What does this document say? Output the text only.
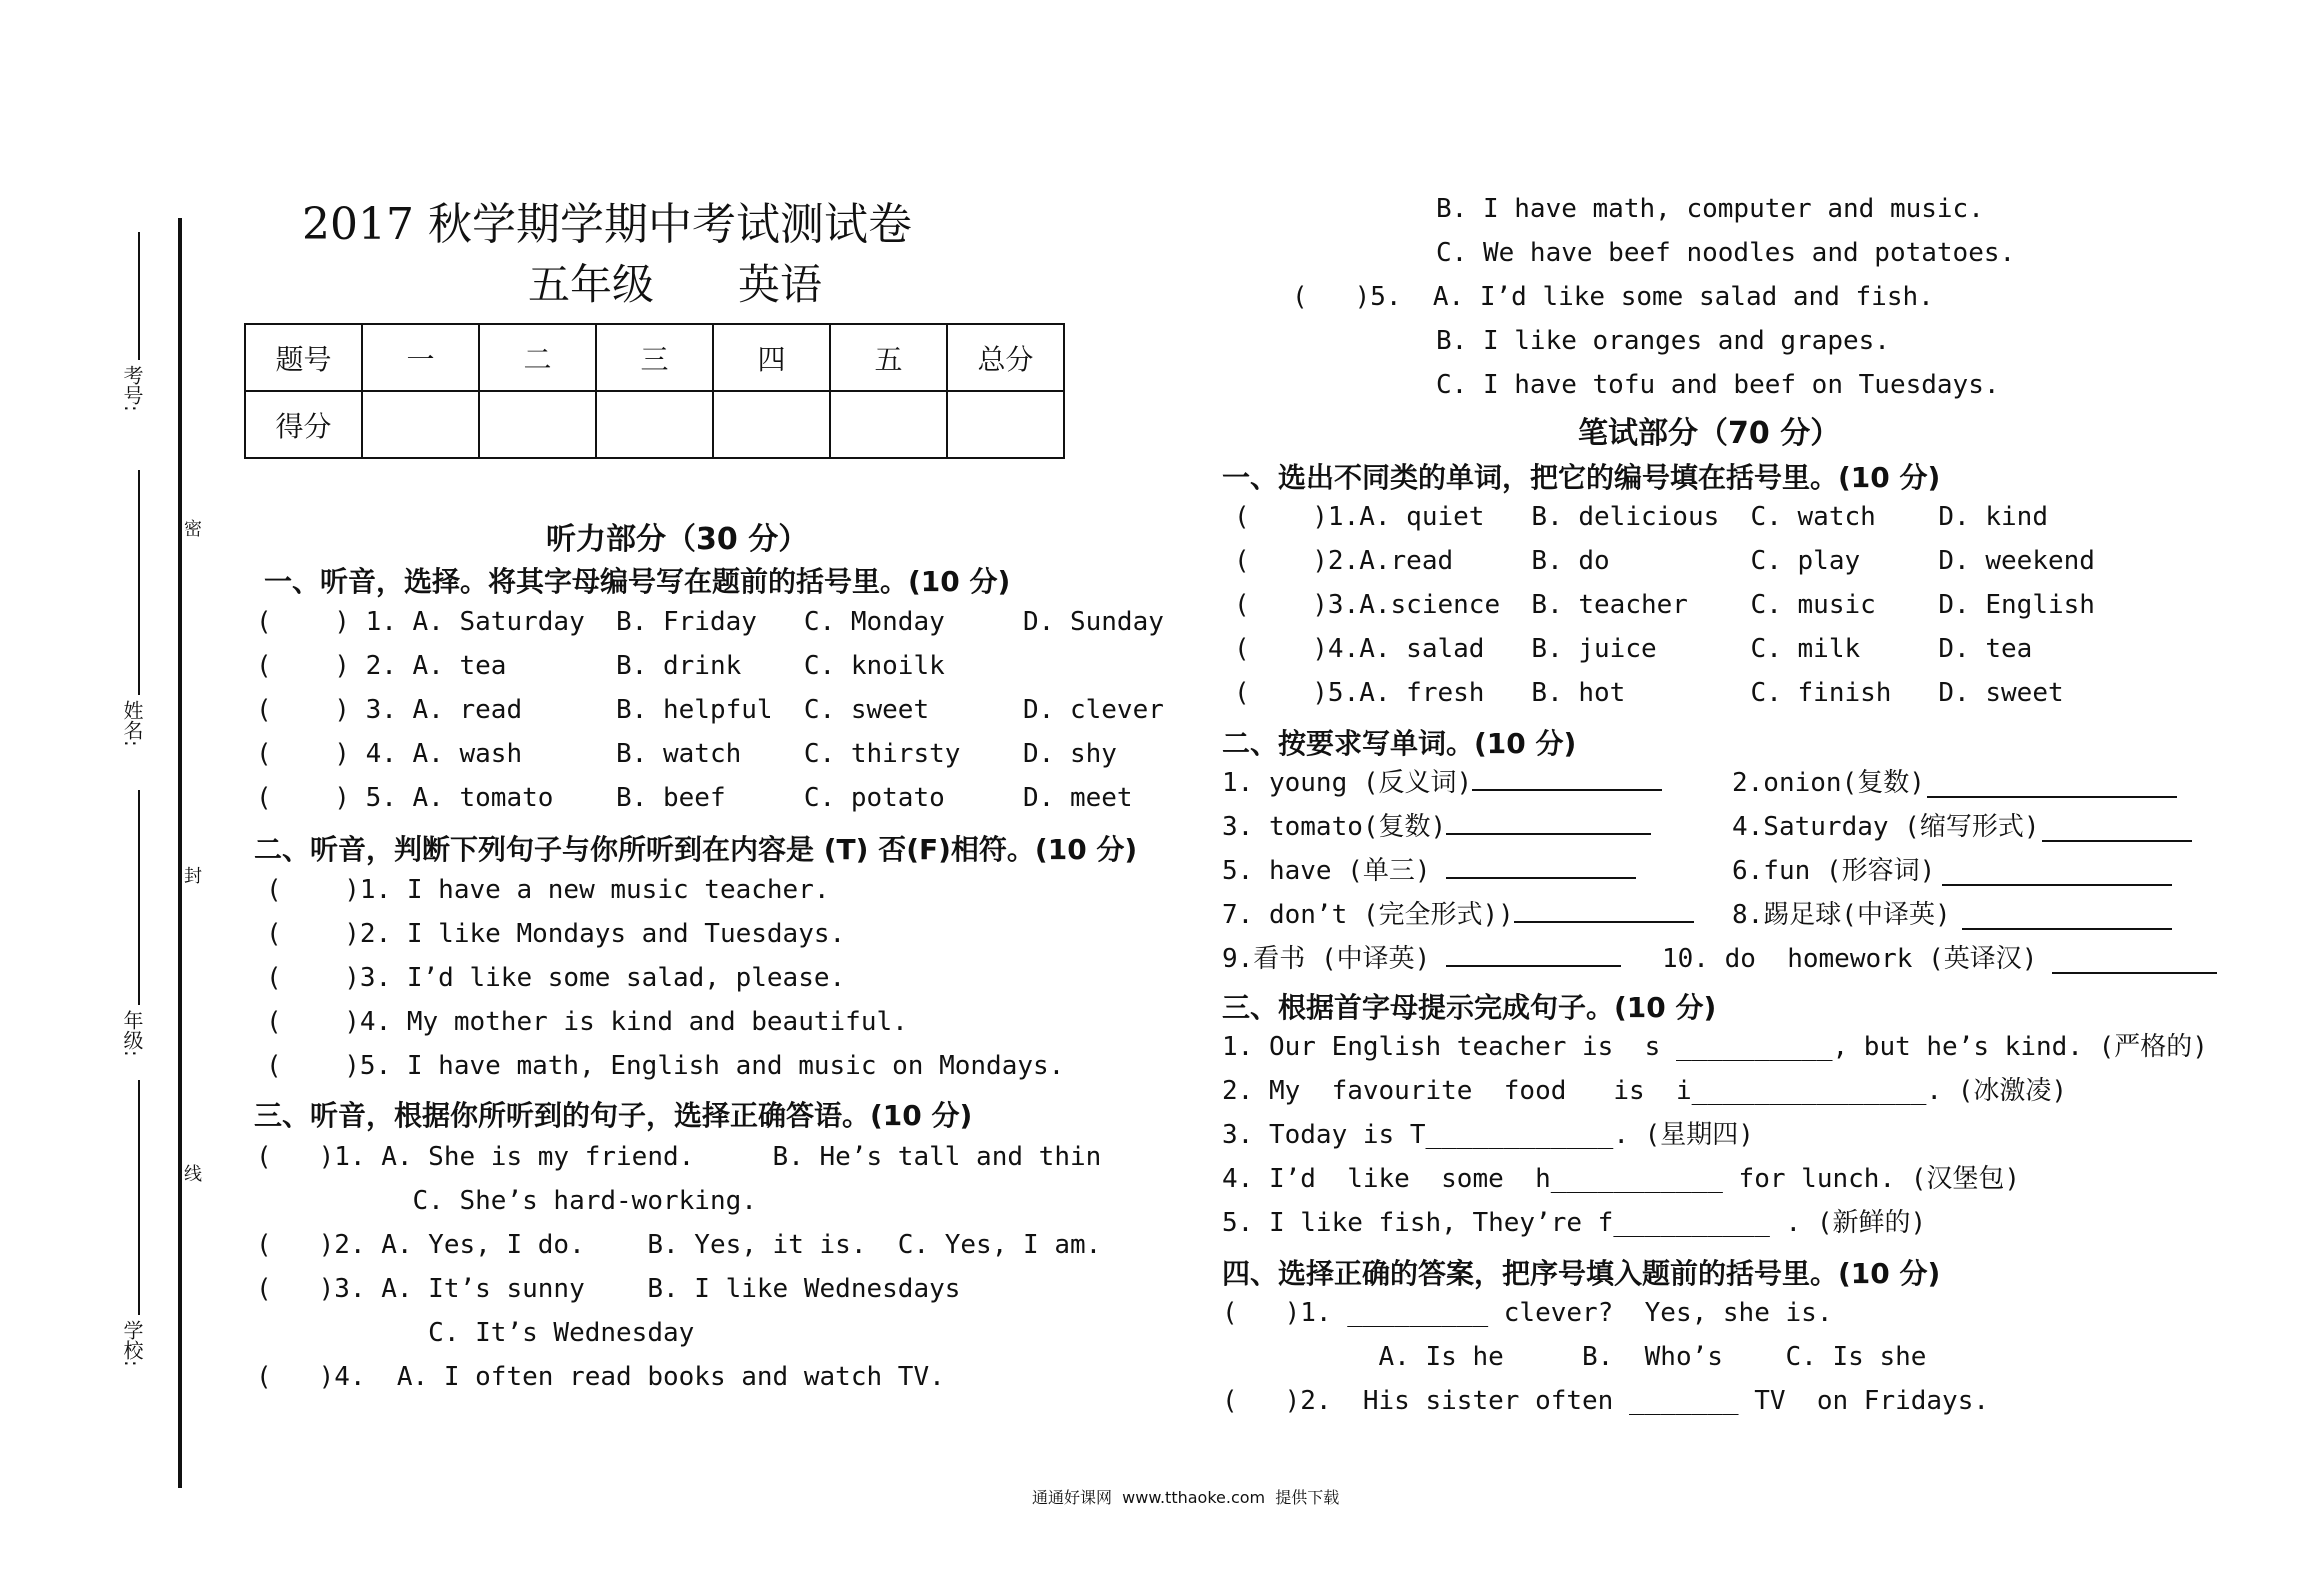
考号:
姓名:
年级:
学校:
密
封
线
2017 秋学期学期中考试测试卷
五年级 英语
题号	一	二	三	四	五	总分
得分						
听力部分（30 分）
一、听音，选择。将其字母编号写在题前的括号里。(10 分)
(    ) 1. A. Saturday  B. Friday   C. Monday     D. Sunday
(    ) 2. A. tea       B. drink    C. knoilk
(    ) 3. A. read      B. helpful  C. sweet      D. clever
(    ) 4. A. wash      B. watch    C. thirsty    D. shy
(    ) 5. A. tomato    B. beef     C. potato     D. meet
二、听音，判断下列句子与你所听到在内容是 (T) 否(F)相符。(10 分)
(    )1. I have a new music teacher.
(    )2. I like Mondays and Tuesdays.
(    )3. I’d like some salad, please.
(    )4. My mother is kind and beautiful.
(    )5. I have math, English and music on Mondays.
三、听音，根据你所听到的句子，选择正确答语。(10 分)
(   )1. A. She is my friend.     B. He’s tall and thin
C. She’s hard-working.
(   )2. A. Yes, I do.    B. Yes, it is.  C. Yes, I am.
(   )3. A. It’s sunny    B. I like Wednesdays
C. It’s Wednesday
(   )4.  A. I often read books and watch TV.
B. I have math, computer and music.
C. We have beef noodles and potatoes.
(   )5.  A. I’d like some salad and fish.
B. I like oranges and grapes.
C. I have tofu and beef on Tuesdays.
笔试部分（70 分）
一、选出不同类的单词，把它的编号填在括号里。(10 分)
(    )1.A. quiet   B. delicious  C. watch    D. kind
(    )2.A.read     B. do         C. play     D. weekend
(    )3.A.science  B. teacher    C. music    D. English
(    )4.A. salad   B. juice      C. milk     D. tea
(    )5.A. fresh   B. hot        C. finish   D. sweet
二、按要求写单词。(10 分)
1. young (反义词)	2.onion(复数)
3. tomato(复数)	4.Saturday (缩写形式)
5. have (单三)	6.fun (形容词)
7. don’t (完全形式))	8.踢足球(中译英)
9.看书 (中译英)	10. do  homework (英译汉)
三、根据首字母提示完成句子。(10 分)
1. Our English teacher is  s __________, but he’s kind. (严格的)
2. My  favourite  food   is  i_______________. (冰激凌)
3. Today is T____________. (星期四)
4. I’d  like  some  h___________ for lunch. (汉堡包)
5. I like fish, They’re f__________ . (新鲜的)
四、选择正确的答案，把序号填入题前的括号里。(10 分)
(   )1. _________ clever?  Yes, she is.
A. Is he     B.  Who’s    C. Is she
(   )2.  His sister often _______ TV  on Fridays.
通通好课网  www.tthaoke.com  提供下载
